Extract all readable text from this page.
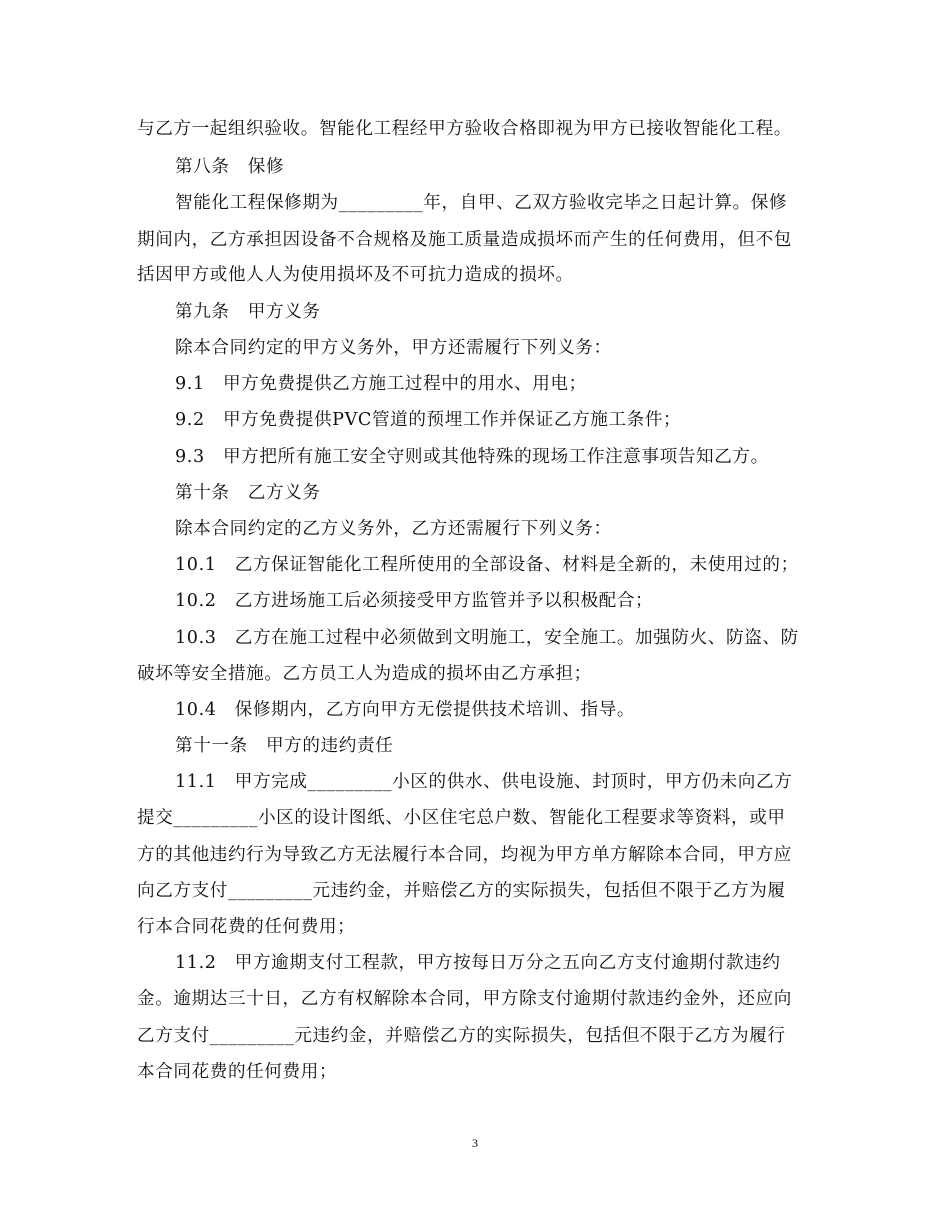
与乙方一起组织验收。智能化工程经甲方验收合格即视为甲方已接收智能化工程。
第八条　保修
智能化工程保修期为_________年，自甲、乙双方验收完毕之日起计算。保修
期间内，乙方承担因设备不合规格及施工质量造成损坏而产生的任何费用，但不包
括因甲方或他人人为使用损坏及不可抗力造成的损坏。
第九条　甲方义务
除本合同约定的甲方义务外，甲方还需履行下列义务：
9.1　甲方免费提供乙方施工过程中的用水、用电；
9.2　甲方免费提供PVC管道的预埋工作并保证乙方施工条件；
9.3　甲方把所有施工安全守则或其他特殊的现场工作注意事项告知乙方。
第十条　乙方义务
除本合同约定的乙方义务外，乙方还需履行下列义务：
10.1　乙方保证智能化工程所使用的全部设备、材料是全新的，未使用过的；
10.2　乙方进场施工后必须接受甲方监管并予以积极配合；
10.3　乙方在施工过程中必须做到文明施工，安全施工。加强防火、防盗、防
破坏等安全措施。乙方员工人为造成的损坏由乙方承担；
10.4　保修期内，乙方向甲方无偿提供技术培训、指导。
第十一条　甲方的违约责任
11.1　甲方完成_________小区的供水、供电设施、封顶时，甲方仍未向乙方
提交_________小区的设计图纸、小区住宅总户数、智能化工程要求等资料，或甲
方的其他违约行为导致乙方无法履行本合同，均视为甲方单方解除本合同，甲方应
向乙方支付_________元违约金，并赔偿乙方的实际损失，包括但不限于乙方为履
行本合同花费的任何费用；
11.2　甲方逾期支付工程款，甲方按每日万分之五向乙方支付逾期付款违约
金。逾期达三十日，乙方有权解除本合同，甲方除支付逾期付款违约金外，还应向
乙方支付_________元违约金，并赔偿乙方的实际损失，包括但不限于乙方为履行
本合同花费的任何费用；
3
